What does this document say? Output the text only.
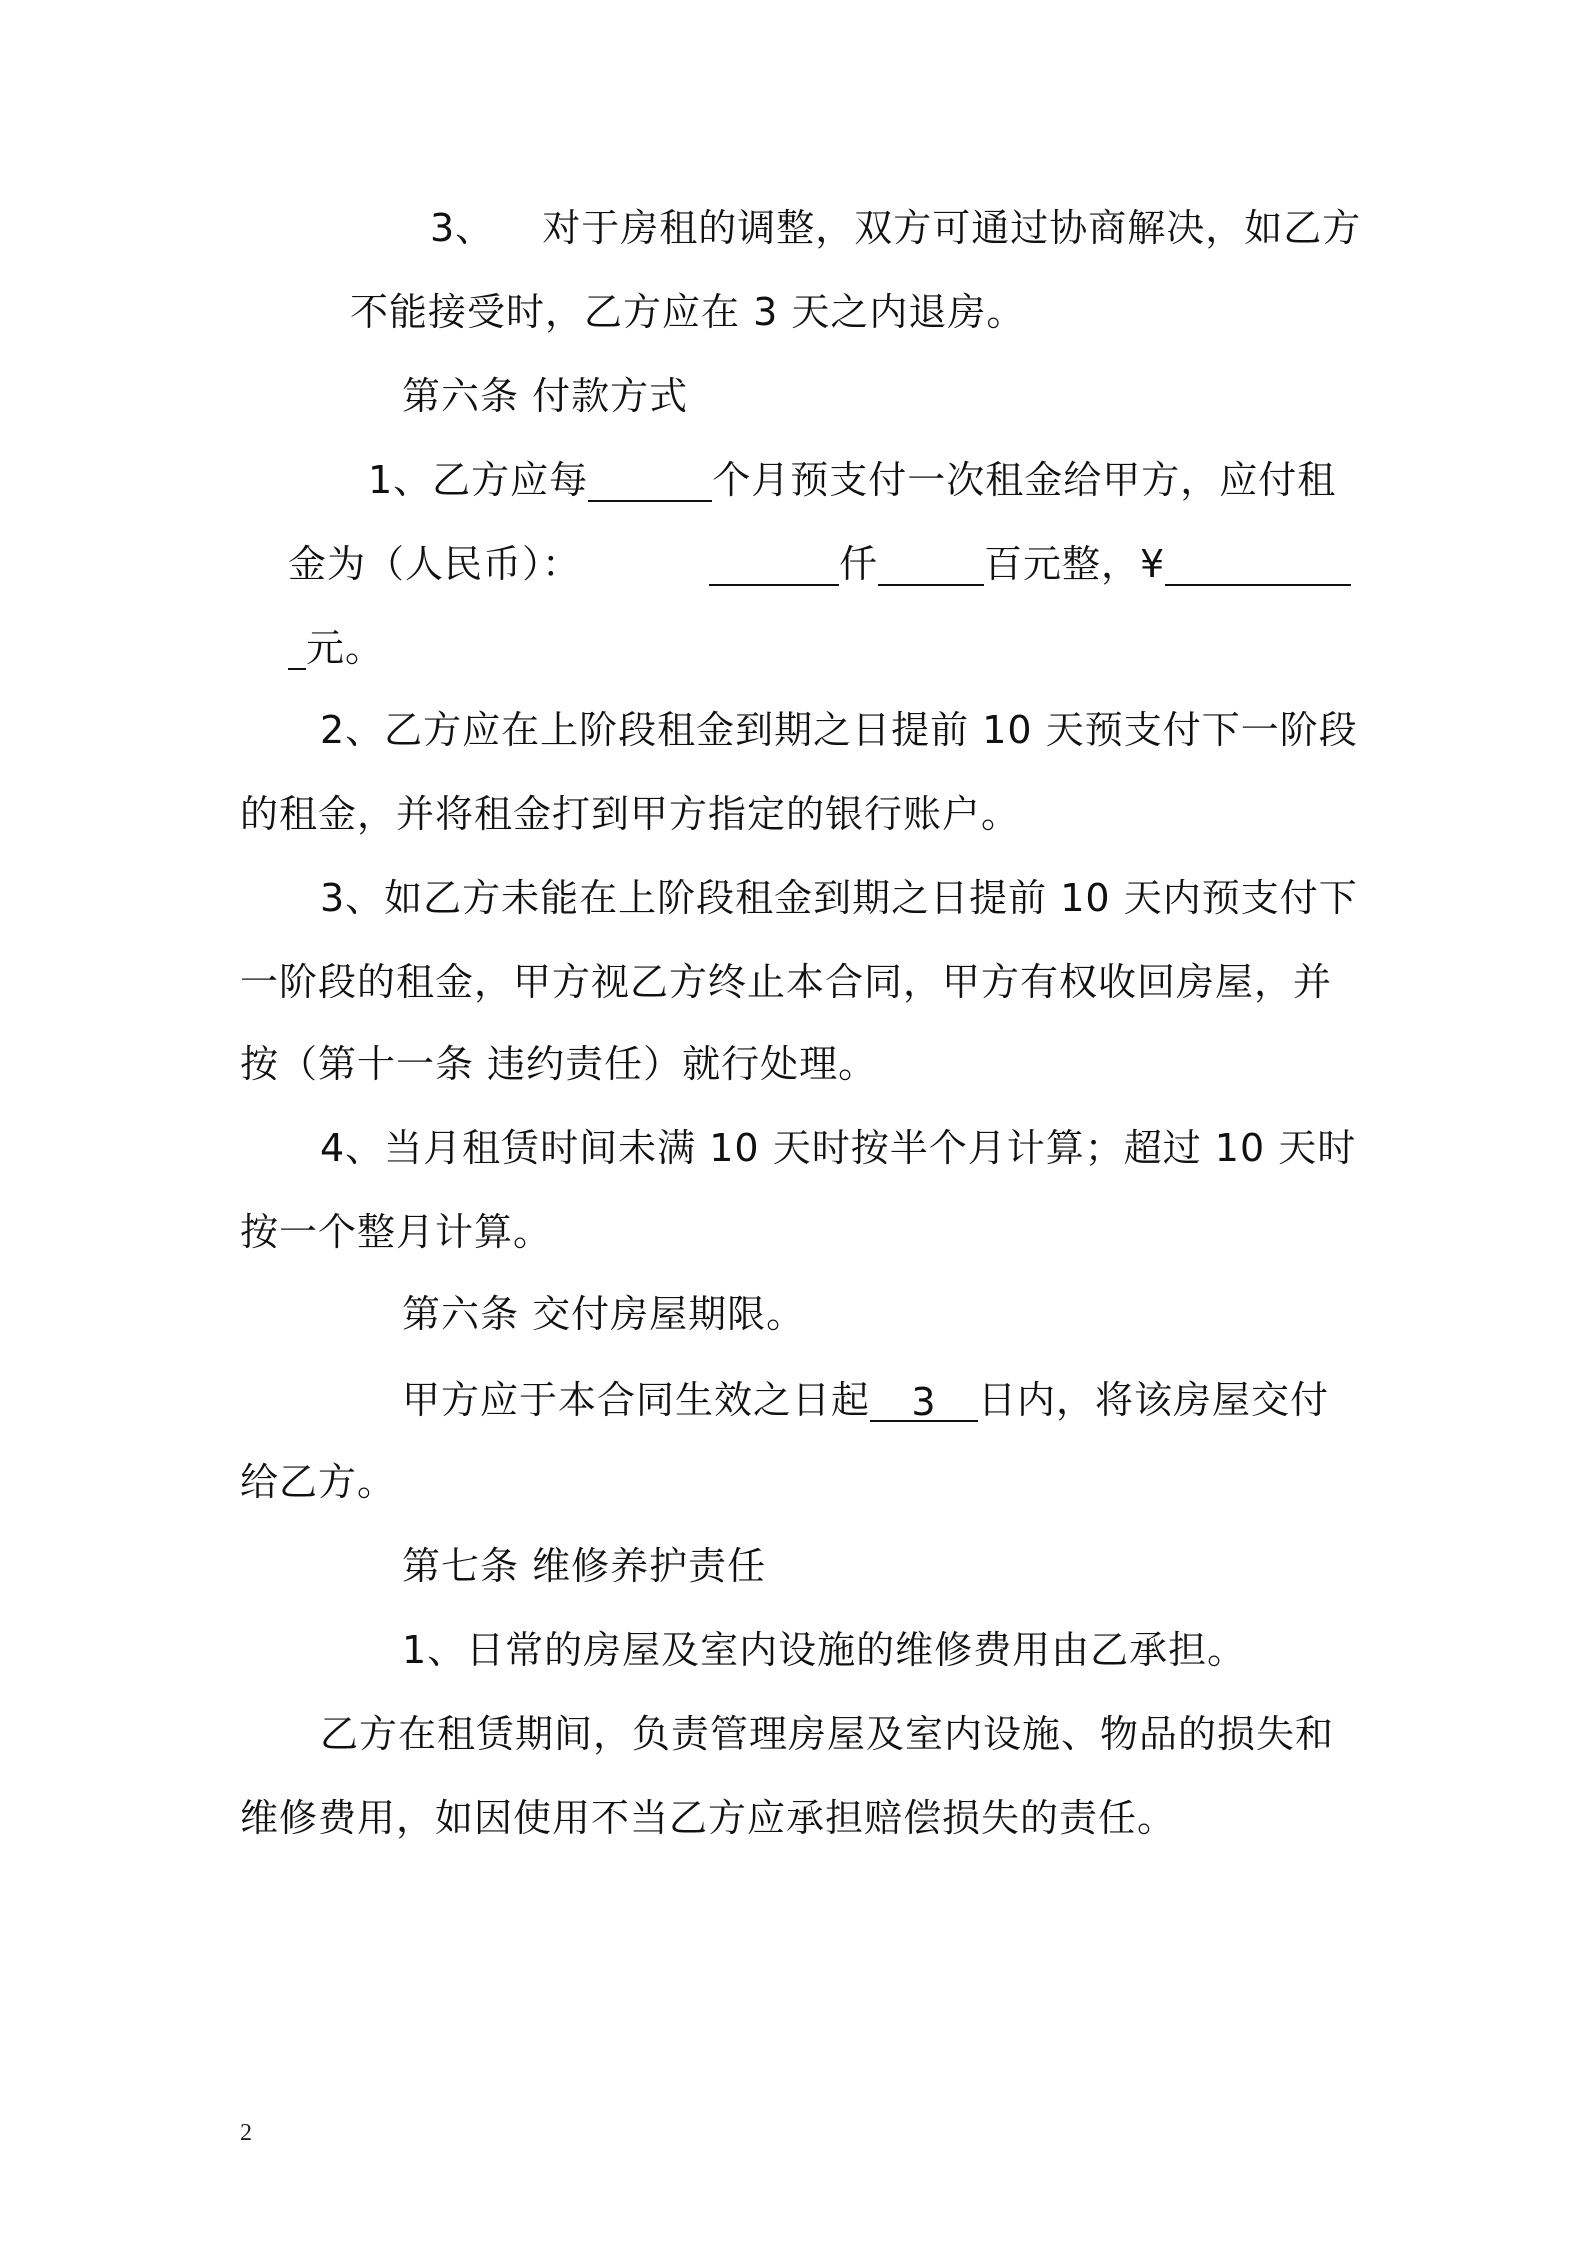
3、 对于房租的调整，双方可通过协商解决，如乙方
不能接受时，乙方应在 3 天之内退房。
第六条 付款方式
1、乙方应每	个月预支付一次租金给甲方，应付租
金为（人民币）：	仟	百元整，¥
元。
2、乙方应在上阶段租金到期之日提前 10 天预支付下一阶段
的租金，并将租金打到甲方指定的银行账户。
3、如乙方未能在上阶段租金到期之日提前 10 天内预支付下
一阶段的租金，甲方视乙方终止本合同，甲方有权收回房屋，并
按（第十一条 违约责任）就行处理。
4、当月租赁时间未满 10 天时按半个月计算；超过 10 天时
按一个整月计算。
第六条 交付房屋期限。
甲方应于本合同生效之日起 3 日内，将该房屋交付
给乙方。
第七条 维修养护责任
1、日常的房屋及室内设施的维修费用由乙承担。
乙方在租赁期间，负责管理房屋及室内设施、物品的损失和
维修费用，如因使用不当乙方应承担赔偿损失的责任。
2
